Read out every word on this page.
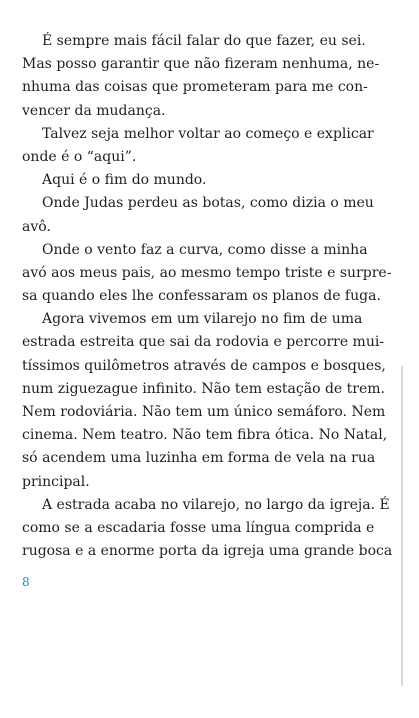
É sempre mais fácil falar do que fazer, eu sei.
Mas posso garantir que não fizeram nenhuma, ne-
nhuma das coisas que prometeram para me con-
vencer da mudança.
Talvez seja melhor voltar ao começo e explicar
onde é o “aqui”.
Aqui é o fim do mundo.
Onde Judas perdeu as botas, como dizia o meu
avô.
Onde o vento faz a curva, como disse a minha
avó aos meus pais, ao mesmo tempo triste e surpre-
sa quando eles lhe confessaram os planos de fuga.
Agora vivemos em um vilarejo no fim de uma
estrada estreita que sai da rodovia e percorre mui-
tíssimos quilômetros através de campos e bosques,
num ziguezague infinito. Não tem estação de trem.
Nem rodoviária. Não tem um único semáforo. Nem
cinema. Nem teatro. Não tem fibra ótica. No Natal,
só acendem uma luzinha em forma de vela na rua
principal.
A estrada acaba no vilarejo, no largo da igreja. É
como se a escadaria fosse uma língua comprida e
rugosa e a enorme porta da igreja uma grande boca
8
